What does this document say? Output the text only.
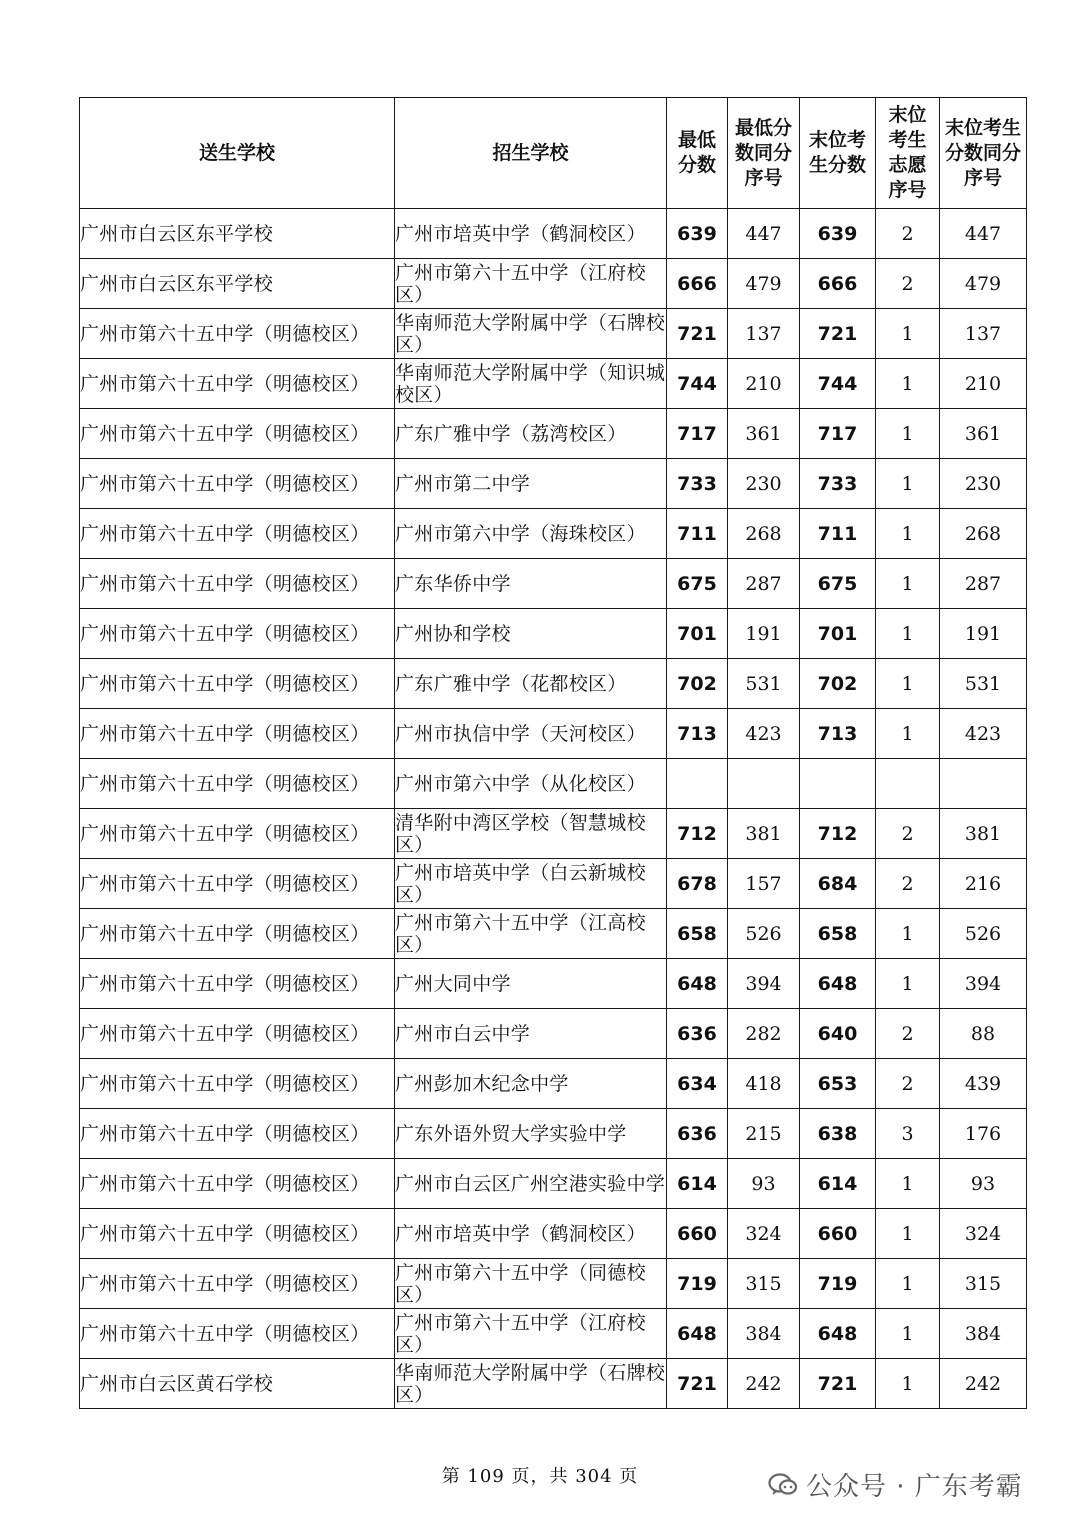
送生学校	招生学校	最低分数	最低分数同分序号	末位考生分数	末位考生志愿序号	末位考生分数同分序号
广州市白云区东平学校	广州市培英中学（鹤洞校区）	639	447	639	2	447
广州市白云区东平学校	广州市第六十五中学（江府校区）	666	479	666	2	479
广州市第六十五中学（明德校区）	华南师范大学附属中学（石牌校区）	721	137	721	1	137
广州市第六十五中学（明德校区）	华南师范大学附属中学（知识城校区）	744	210	744	1	210
广州市第六十五中学（明德校区）	广东广雅中学（荔湾校区）	717	361	717	1	361
广州市第六十五中学（明德校区）	广州市第二中学	733	230	733	1	230
广州市第六十五中学（明德校区）	广州市第六中学（海珠校区）	711	268	711	1	268
广州市第六十五中学（明德校区）	广东华侨中学	675	287	675	1	287
广州市第六十五中学（明德校区）	广州协和学校	701	191	701	1	191
广州市第六十五中学（明德校区）	广东广雅中学（花都校区）	702	531	702	1	531
广州市第六十五中学（明德校区）	广州市执信中学（天河校区）	713	423	713	1	423
广州市第六十五中学（明德校区）	广州市第六中学（从化校区）					
广州市第六十五中学（明德校区）	清华附中湾区学校（智慧城校区）	712	381	712	2	381
广州市第六十五中学（明德校区）	广州市培英中学（白云新城校区）	678	157	684	2	216
广州市第六十五中学（明德校区）	广州市第六十五中学（江高校区）	658	526	658	1	526
广州市第六十五中学（明德校区）	广州大同中学	648	394	648	1	394
广州市第六十五中学（明德校区）	广州市白云中学	636	282	640	2	88
广州市第六十五中学（明德校区）	广州彭加木纪念中学	634	418	653	2	439
广州市第六十五中学（明德校区）	广东外语外贸大学实验中学	636	215	638	3	176
广州市第六十五中学（明德校区）	广州市白云区广州空港实验中学	614	93	614	1	93
广州市第六十五中学（明德校区）	广州市培英中学（鹤洞校区）	660	324	660	1	324
广州市第六十五中学（明德校区）	广州市第六十五中学（同德校区）	719	315	719	1	315
广州市第六十五中学（明德校区）	广州市第六十五中学（江府校区）	648	384	648	1	384
广州市白云区黄石学校	华南师范大学附属中学（石牌校区）	721	242	721	1	242
第 109 页，共 304 页	公众号 · 广东考霸
